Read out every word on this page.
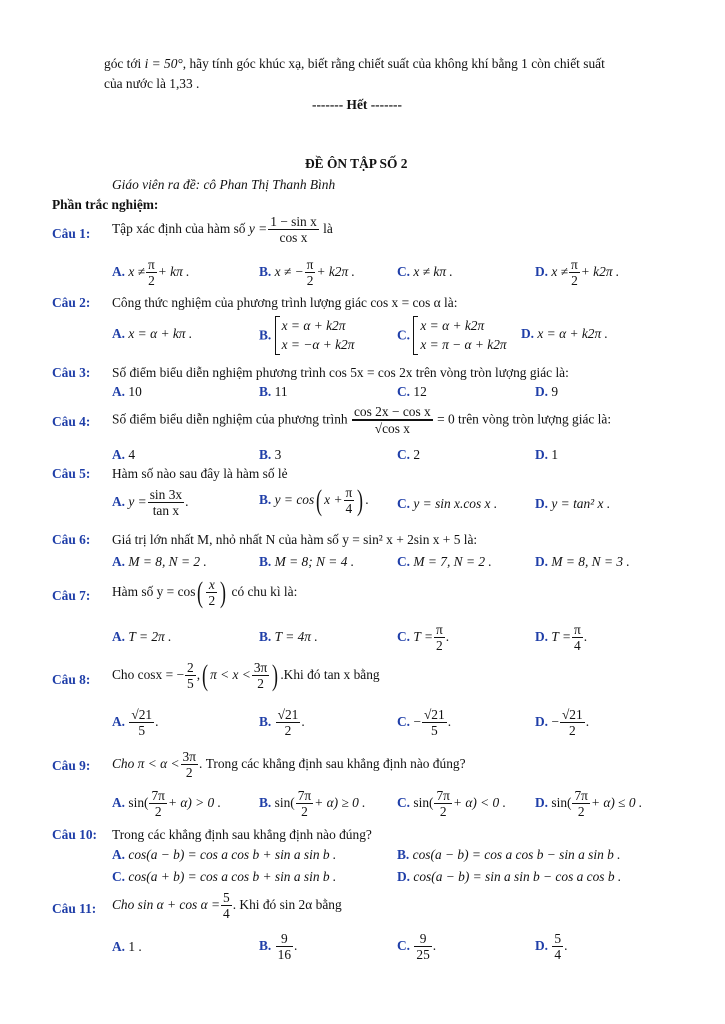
góc tới i = 50°, hãy tính góc khúc xạ, biết rằng chiết suất của không khí bằng 1 còn chiết suất
của nước là 1,33 .
------- Hết -------
ĐỀ ÔN TẬP SỐ 2
Giáo viên ra đề: cô Phan Thị Thanh Bình
Phần trắc nghiệm:
Câu 1: Tập xác định của hàm số $y = \frac{\text{1 − sin x}}{\text{cos x}}$ là
A. $x \ne \frac{\pi}{2} + k\pi$ .	B. x ≠ − $\frac{\pi}{2} + k2\pi$ .	C. x ≠ kπ .	D. $x \ne \frac{\pi}{2} + k2\pi$ .
Câu 2: Công thức nghiệm của phương trình lượng giác cos x = cos α là:
A. x = α + kπ .	B. x = α + k2π
x = −α + k2π
C. x = α + k2π
x = π − α + k2π
D. x = α + k2π .
Câu 3: Số điểm biểu diễn nghiệm phương trình cos 5x = cos 2x trên vòng tròn lượng giác là:
A. 10	B. 11	C. 12	D. 9
Câu 4: Số điểm biểu diễn nghiệm của phương trình $\frac{\text{cos 2x − cos x}}{\text{√cos x}} = 0$ trên vòng tròn lượng giác là:
A. 4	B. 3	C. 2	D. 1
Câu 5: Hàm số nào sau đây là hàm số lẻ
A. $y = \frac{\sin 3x}{\text{tan x}}$ .	B. y = cos( $x + \frac{\pi}{4}$ ) . C. y = sin x.cos x .	D. y = tan² x .
Câu 6: Giá trị lớn nhất M, nhỏ nhất N của hàm số y = sin² x + 2sin x + 5 là:
A. M = 8, N = 2 .	B. M = 8; N = 4 .	C. M = 7, N = 2 .	D. M = 8, N = 3 .
Câu 7: Hàm số $y = \cos( \frac{x}{2}$ ) có chu kì là:
A. T = 2π .	B. T = 4π .	C. $T = \frac{\pi}{2}$ .	D. $T = \frac{\pi}{4}$ .
Câu 8: Cho cosx = − $\frac{2}{5}$ ,( $\pi < x < \frac{3\pi}{2}$ ) .Khi đó tan x bằng
A. $\frac{√21}{5}$ .	B. $\frac{√21}{2}$ .	C. − $\frac{√21}{5}$ .	D. − $\frac{√21}{2}$ .
Câu 9: Cho $\pi < \alpha < \frac{3\pi}{2}$ . Trong các khẳng định sau khẳng định nào đúng?
A. $\sin( \frac{7\pi}{2} + \alpha) > 0$ .	B. $\sin( \frac{7\pi}{2} + \alpha) \ge 0$ . C. $\sin( \frac{7\pi}{2} + \alpha) < 0$ . D. $\sin( \frac{7\pi}{2} + \alpha) \le 0$ .
Câu 10: Trong các khẳng định sau khẳng định nào đúng?
A. cos(a − b) = cos a cos b + sin a sin b .	B. cos(a − b) = cos a cos b − sin a sin b .
C. cos(a + b) = cos a cos b + sin a sin b .	D. cos(a − b) = sin a sin b − cos a cos b .
Câu 11: Cho $\sin \alpha + \cos \alpha = \frac{5}{4}$ . Khi đó sin 2α bằng
A. 1 .	B. $\frac{9}{16}$ .	C. $\frac{9}{25}$ .	D. $\frac{5}{4}$ .
